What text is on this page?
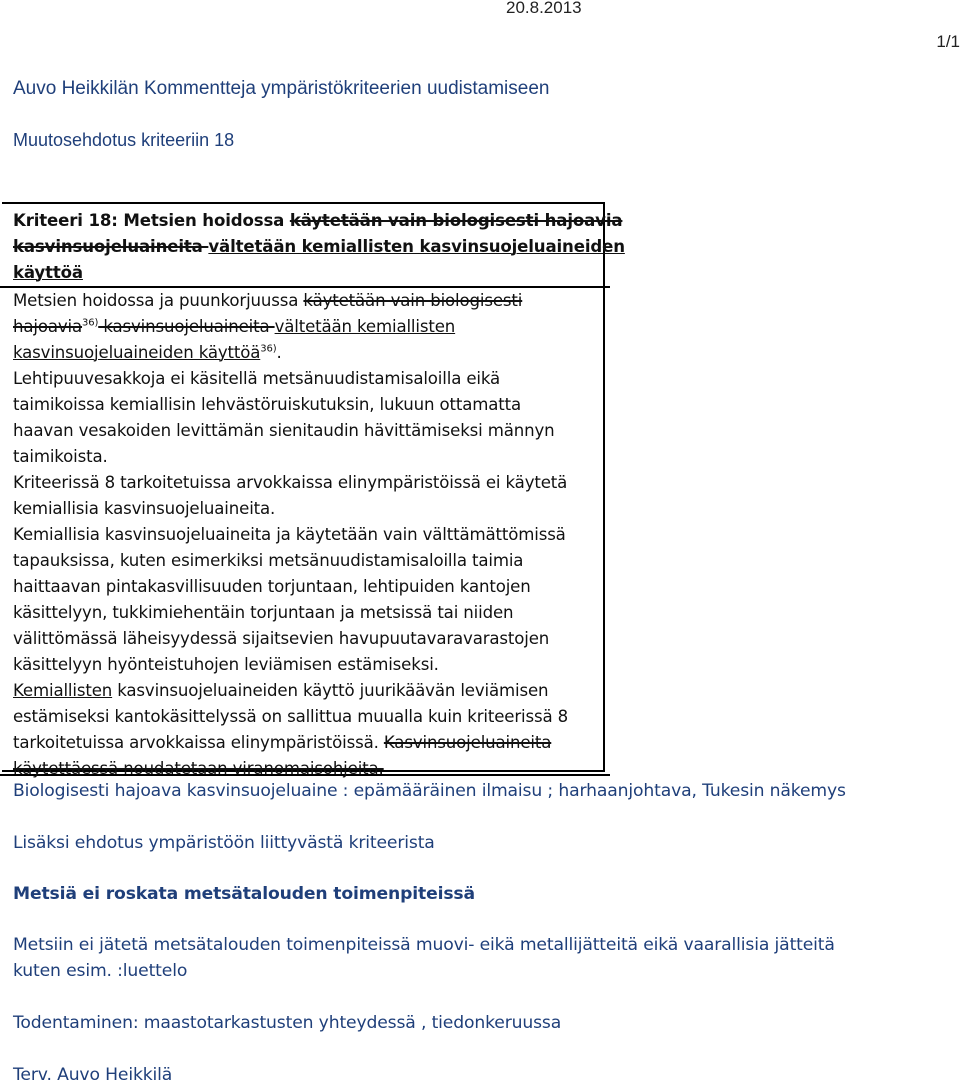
20.8.2013
1/1
Auvo Heikkilän Kommentteja ympäristökriteerien uudistamiseen
Muutosehdotus kriteeriin 18
Kriteeri 18: Metsien hoidossa käytetään vain biologisesti hajoavia
kasvinsuojeluaineita vältetään kemiallisten kasvinsuojeluaineiden
käyttöä
Metsien hoidossa ja puunkorjuussa käytetään vain biologisesti
hajoavia$^{36)}$ kasvinsuojeluaineita vältetään kemiallisten
kasvinsuojeluaineiden käyttöä$^{36)}$.
Lehtipuuvesakkoja ei käsitellä metsänuudistamisaloilla eikä
taimikoissa kemiallisin lehvästöruiskutuksin, lukuun ottamatta
haavan vesakoiden levittämän sienitaudin hävittämiseksi männyn
taimikoista.
Kriteerissä 8 tarkoitetuissa arvokkaissa elinympäristöissä ei käytetä
kemiallisia kasvinsuojeluaineita.
Kemiallisia kasvinsuojeluaineita ja käytetään vain välttämättömissä
tapauksissa, kuten esimerkiksi metsänuudistamisaloilla taimia
haittaavan pintakasvillisuuden torjuntaan, lehtipuiden kantojen
käsittelyyn, tukkimiehentäin torjuntaan ja metsissä tai niiden
välittömässä läheisyydessä sijaitsevien havupuutavaravarastojen
käsittelyyn hyönteistuhojen leviämisen estämiseksi.
Kemiallisten kasvinsuojeluaineiden käyttö juurikäävän leviämisen
estämiseksi kantokäsittelyssä on sallittua muualla kuin kriteerissä 8
tarkoitetuissa arvokkaissa elinympäristöissä. Kasvinsuojeluaineita
käytettäessä noudatetaan viranomaisohjeita.
Biologisesti hajoava kasvinsuojeluaine : epämääräinen ilmaisu ; harhaanjohtava, Tukesin näkemys
Lisäksi ehdotus ympäristöön liittyvästä kriteerista
Metsiä ei roskata metsätalouden toimenpiteissä
Metsiin ei jätetä metsätalouden toimenpiteissä muovi- eikä metallijätteitä eikä vaarallisia jätteitä
kuten esim. :luettelo
Todentaminen: maastotarkastusten yhteydessä , tiedonkeruussa
Terv. Auvo Heikkilä
